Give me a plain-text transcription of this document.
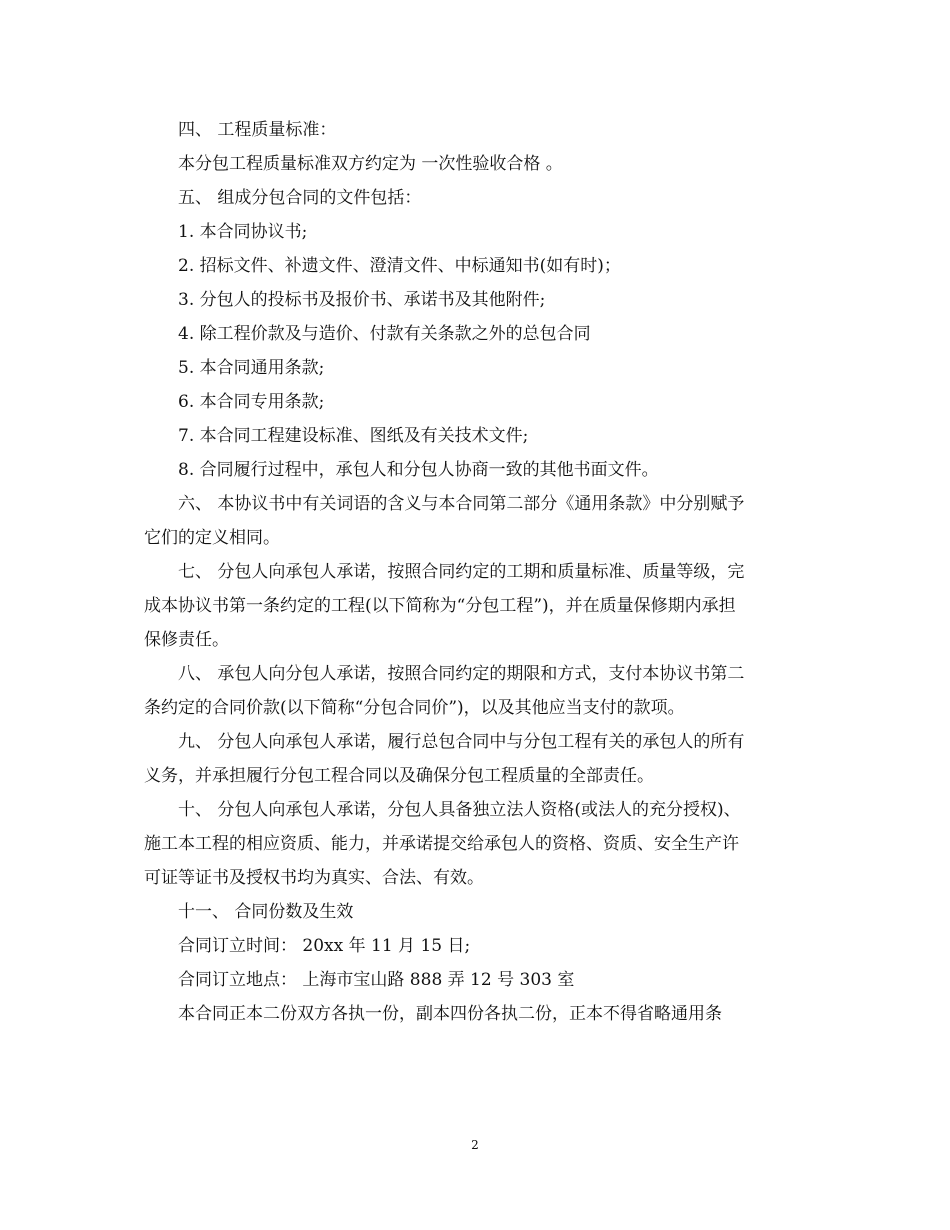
四、 工程质量标准：

本分包工程质量标准双方约定为 一次性验收合格 。

五、 组成分包合同的文件包括：

1. 本合同协议书;

2. 招标文件、补遗文件、澄清文件、中标通知书(如有时)；

3. 分包人的投标书及报价书、承诺书及其他附件;

4. 除工程价款及与造价、付款有关条款之外的总包合同

5. 本合同通用条款;

6. 本合同专用条款;

7. 本合同工程建设标准、图纸及有关技术文件;

8. 合同履行过程中，承包人和分包人协商一致的其他书面文件。

六、 本协议书中有关词语的含义与本合同第二部分《通用条款》中分别赋予

它们的定义相同。

七、 分包人向承包人承诺，按照合同约定的工期和质量标准、质量等级，完

成本协议书第一条约定的工程(以下简称为“分包工程”)，并在质量保修期内承担

保修责任。

八、 承包人向分包人承诺，按照合同约定的期限和方式，支付本协议书第二

条约定的合同价款(以下简称“分包合同价”)，以及其他应当支付的款项。

九、 分包人向承包人承诺，履行总包合同中与分包工程有关的承包人的所有

义务，并承担履行分包工程合同以及确保分包工程质量的全部责任。

十、 分包人向承包人承诺，分包人具备独立法人资格(或法人的充分授权)、

施工本工程的相应资质、能力，并承诺提交给承包人的资格、资质、安全生产许

可证等证书及授权书均为真实、合法、有效。

十一、 合同份数及生效

合同订立时间： 20xx 年 11 月 15 日;

合同订立地点： 上海市宝山路 888 弄 12 号 303 室

本合同正本二份双方各执一份，副本四份各执二份，正本不得省略通用条

2
